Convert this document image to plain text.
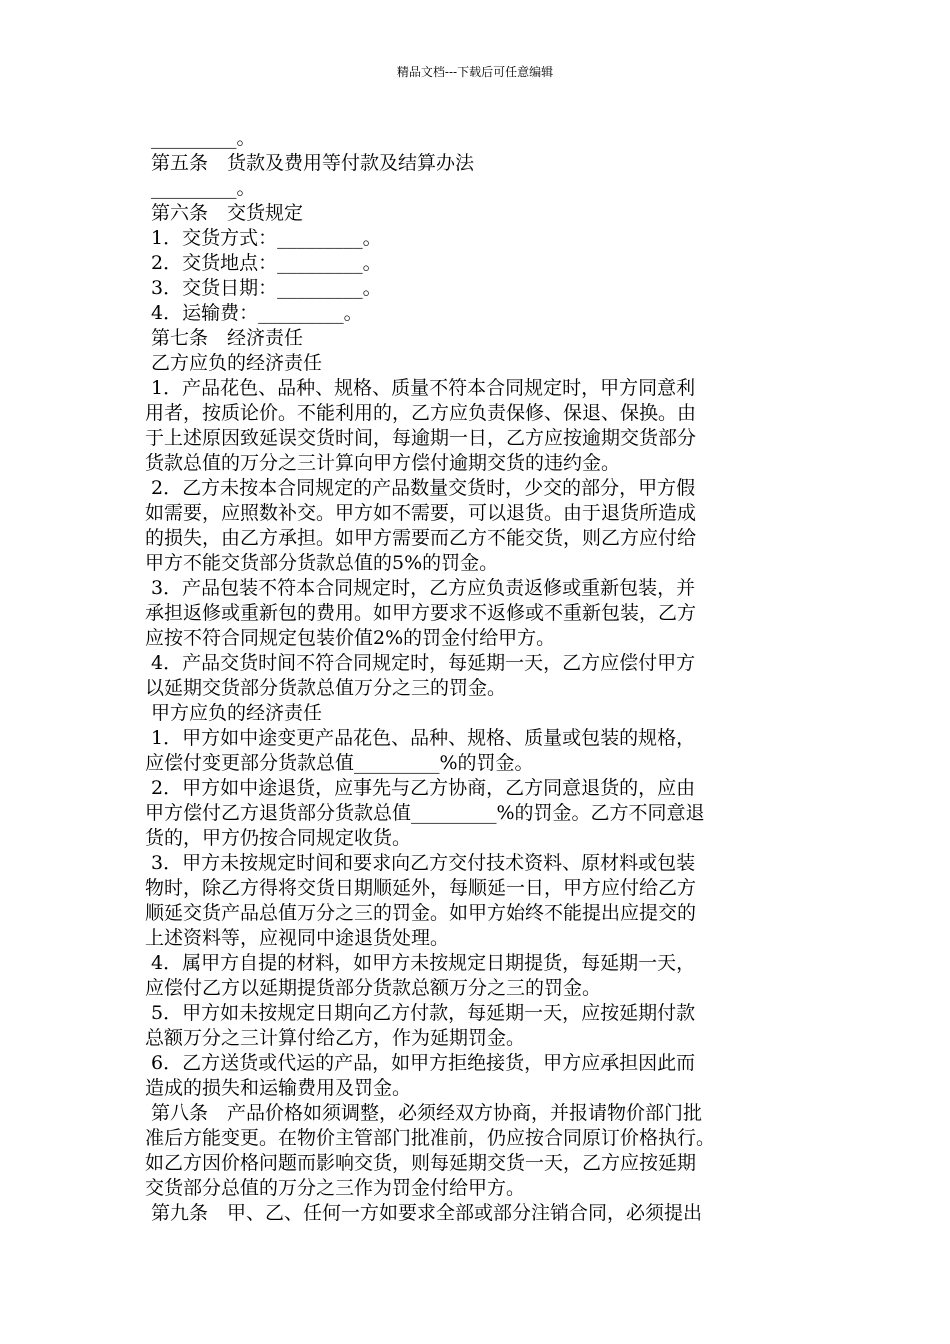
精品文档---下载后可任意编辑
_________。
第五条　货款及费用等付款及结算办法
_________。
第六条　交货规定
1．交货方式：_________。
2．交货地点：_________。
3．交货日期：_________。
4．运输费：_________。
第七条　经济责任
乙方应负的经济责任
1．产品花色、品种、规格、质量不符本合同规定时，甲方同意利
用者，按质论价。不能利用的，乙方应负责保修、保退、保换。由
于上述原因致延误交货时间，每逾期一日，乙方应按逾期交货部分
货款总值的万分之三计算向甲方偿付逾期交货的违约金。
2．乙方未按本合同规定的产品数量交货时，少交的部分，甲方假
如需要，应照数补交。甲方如不需要，可以退货。由于退货所造成
的损失，由乙方承担。如甲方需要而乙方不能交货，则乙方应付给
甲方不能交货部分货款总值的5%的罚金。
3．产品包装不符本合同规定时，乙方应负责返修或重新包装，并
承担返修或重新包的费用。如甲方要求不返修或不重新包装，乙方
应按不符合同规定包装价值2%的罚金付给甲方。
4．产品交货时间不符合同规定时，每延期一天，乙方应偿付甲方
以延期交货部分货款总值万分之三的罚金。
甲方应负的经济责任
1．甲方如中途变更产品花色、品种、规格、质量或包装的规格，
应偿付变更部分货款总值_________%的罚金。
2．甲方如中途退货，应事先与乙方协商，乙方同意退货的，应由
甲方偿付乙方退货部分货款总值_________%的罚金。乙方不同意退
货的，甲方仍按合同规定收货。
3．甲方未按规定时间和要求向乙方交付技术资料、原材料或包装
物时，除乙方得将交货日期顺延外，每顺延一日，甲方应付给乙方
顺延交货产品总值万分之三的罚金。如甲方始终不能提出应提交的
上述资料等，应视同中途退货处理。
4．属甲方自提的材料，如甲方未按规定日期提货，每延期一天，
应偿付乙方以延期提货部分货款总额万分之三的罚金。
5．甲方如未按规定日期向乙方付款，每延期一天，应按延期付款
总额万分之三计算付给乙方，作为延期罚金。
6．乙方送货或代运的产品，如甲方拒绝接货，甲方应承担因此而
造成的损失和运输费用及罚金。
第八条　产品价格如须调整，必须经双方协商，并报请物价部门批
准后方能变更。在物价主管部门批准前，仍应按合同原订价格执行。
如乙方因价格问题而影响交货，则每延期交货一天，乙方应按延期
交货部分总值的万分之三作为罚金付给甲方。
第九条　甲、乙、任何一方如要求全部或部分注销合同，必须提出
